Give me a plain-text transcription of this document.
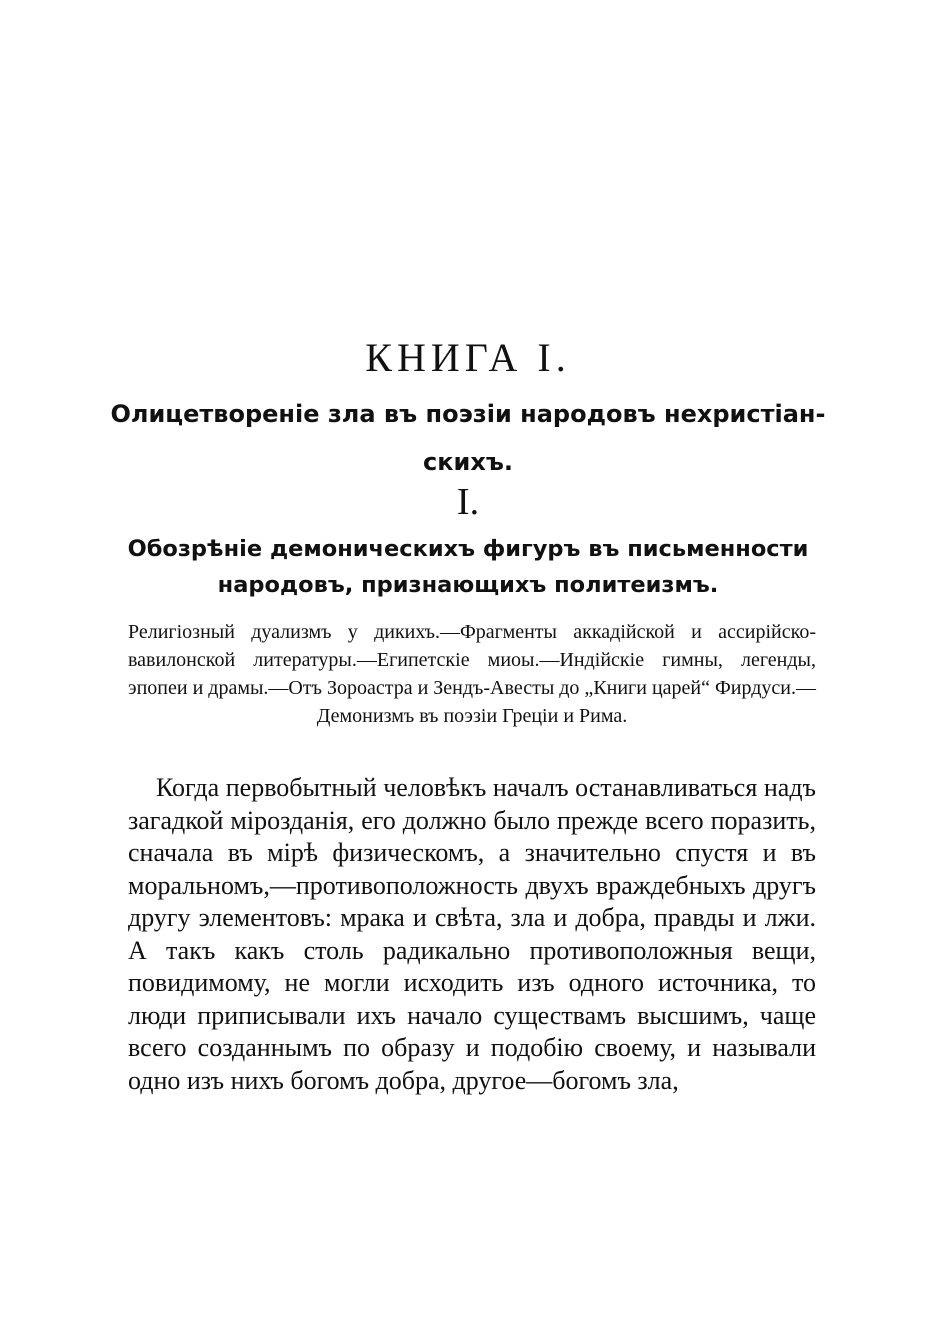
КНИГА I.
Олицетвореніе зла въ поэзіи народовъ нехристіан-
скихъ.
I.
Обозрѣніе демоническихъ фигуръ въ письменности
народовъ, признающихъ политеизмъ.
Религіозный дуализмъ у дикихъ.—Фрагменты аккадійской и ассирійско-вавилонской литературы.—Египетскіе миоы.—Индійскіе гимны, легенды, эпопеи и драмы.—Отъ Зороастра и Зендъ-Авесты до „Книги царей“ Фирдуси.—Демонизмъ въ поэзіи Греціи и Рима.
Когда первобытный человѣкъ началъ останавливаться надъ загадкой мірозданія, его должно было прежде всего поразить, сначала въ мірѣ физическомъ, а значительно спустя и въ моральномъ,—противоположность двухъ враждебныхъ другъ другу элементовъ: мрака и свѣта, зла и добра, правды и лжи. А такъ какъ столь радикально противоположныя вещи, повидимому, не могли исходить изъ одного источника, то люди приписывали ихъ начало существамъ высшимъ, чаще всего созданнымъ по образу и подобію своему, и называли одно изъ нихъ богомъ добра, другое—богомъ зла,
